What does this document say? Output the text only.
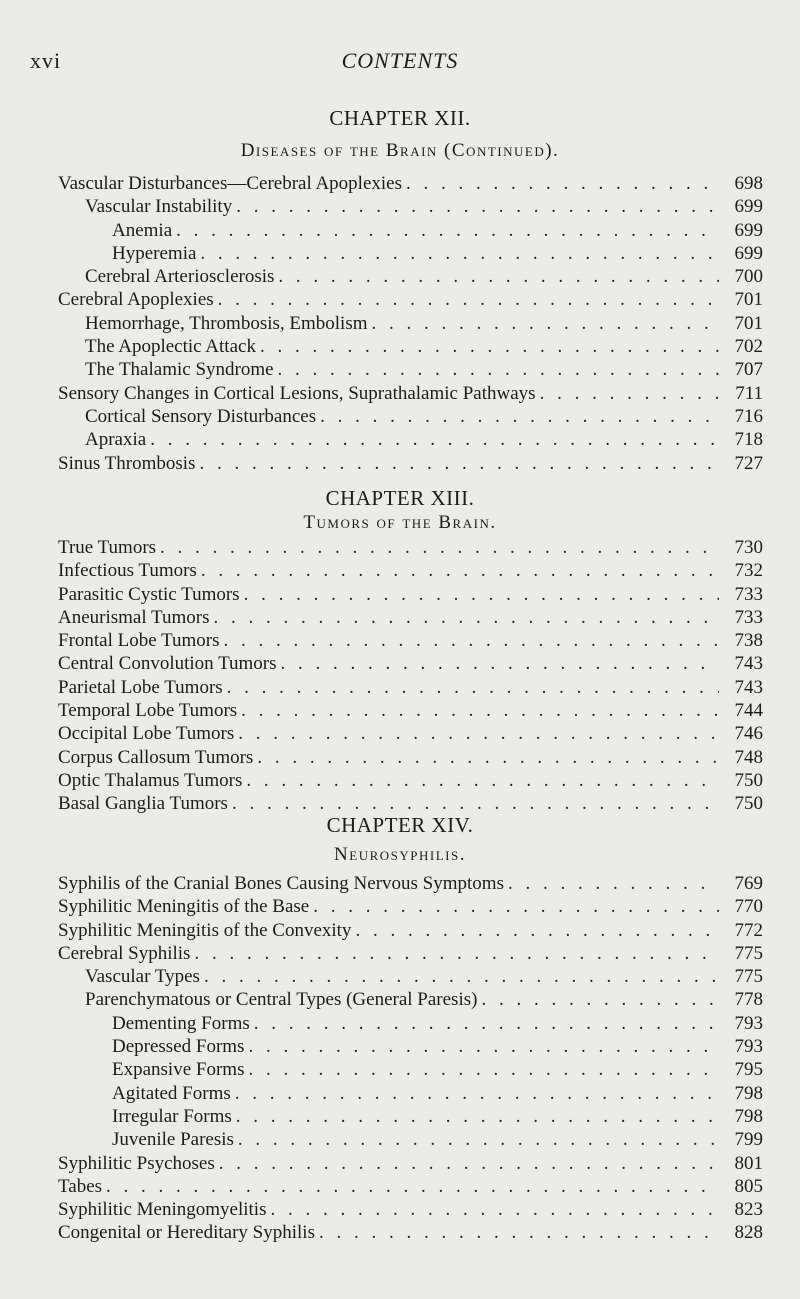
xvi	CONTENTS
CHAPTER XII.
Diseases of the Brain (Continued).
Vascular Disturbances—Cerebral Apoplexies . . .	698
Vascular Instability . . .	699
Anemia . . .	699
Hyperemia . . .	699
Cerebral Arteriosclerosis . . .	700
Cerebral Apoplexies . . .	701
Hemorrhage, Thrombosis, Embolism . . .	701
The Apoplectic Attack . . .	702
The Thalamic Syndrome . . .	707
Sensory Changes in Cortical Lesions, Suprathalamic Pathways . . .	711
Cortical Sensory Disturbances . . .	716
Apraxia . . .	718
Sinus Thrombosis . . .	727
CHAPTER XIII.
Tumors of the Brain.
True Tumors . . .	730
Infectious Tumors . . .	732
Parasitic Cystic Tumors . . .	733
Aneurismal Tumors . . .	733
Frontal Lobe Tumors . . .	738
Central Convolution Tumors . . .	743
Parietal Lobe Tumors . . .	743
Temporal Lobe Tumors . . .	744
Occipital Lobe Tumors . . .	746
Corpus Callosum Tumors . . .	748
Optic Thalamus Tumors . . .	750
Basal Ganglia Tumors . . .	750
CHAPTER XIV.
Neurosyphilis.
Syphilis of the Cranial Bones Causing Nervous Symptoms . . .	769
Syphilitic Meningitis of the Base . . .	770
Syphilitic Meningitis of the Convexity . . .	772
Cerebral Syphilis . . .	775
Vascular Types . . .	775
Parenchymatous or Central Types (General Paresis) . . .	778
Dementing Forms . . .	793
Depressed Forms . . .	793
Expansive Forms . . .	795
Agitated Forms . . .	798
Irregular Forms . . .	798
Juvenile Paresis . . .	799
Syphilitic Psychoses . . .	801
Tabes . . .	805
Syphilitic Meningomyelitis . . .	823
Congenital or Hereditary Syphilis . . .	828
